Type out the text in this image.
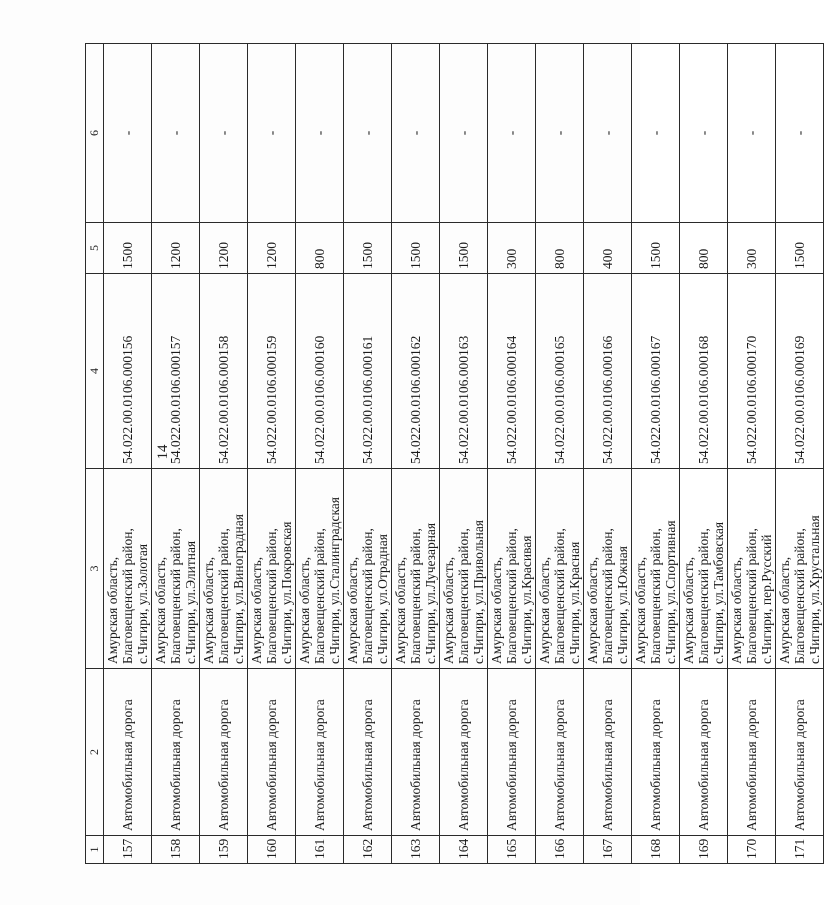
14
1	2	3	4	5	6
157	Автомобильная дорога	Амурская область, Благовещенский район, с.Чигири, ул.Золотая	54.022.00.0106.000156	1500	-
158	Автомобильная дорога	Амурская область, Благовещенский район, с.Чигири, ул.Элитная	54.022.00.0106.000157	1200	-
159	Автомобильная дорога	Амурская область, Благовещенский район, с.Чигири, ул.Виноградная	54.022.00.0106.000158	1200	-
160	Автомобильная дорога	Амурская область, Благовещенский район, с.Чигири, ул.Покровская	54.022.00.0106.000159	1200	-
161	Автомобильная дорога	Амурская область, Благовещенский район, с.Чигири, ул.Сталинградская	54.022.00.0106.000160	800	-
162	Автомобильная дорога	Амурская область, Благовещенский район, с.Чигири, ул.Отрадная	54.022.00.0106.000161	1500	-
163	Автомобильная дорога	Амурская область, Благовещенский район, с.Чигири, ул.Лучезарная	54.022.00.0106.000162	1500	-
164	Автомобильная дорога	Амурская область, Благовещенский район, с.Чигири, ул.Привольная	54.022.00.0106.000163	1500	-
165	Автомобильная дорога	Амурская область, Благовещенский район, с.Чигири, ул.Красивая	54.022.00.0106.000164	300	-
166	Автомобильная дорога	Амурская область, Благовещенский район, с.Чигири, ул.Красная	54.022.00.0106.000165	800	-
167	Автомобильная дорога	Амурская область, Благовещенский район, с.Чигири, ул.Южная	54.022.00.0106.000166	400	-
168	Автомобильная дорога	Амурская область, Благовещенский район, с.Чигири, ул.Спортивная	54.022.00.0106.000167	1500	-
169	Автомобильная дорога	Амурская область, Благовещенский район, с.Чигири, ул.Тамбовская	54.022.00.0106.000168	800	-
170	Автомобильная дорога	Амурская область, Благовещенский район, с.Чигири, пер.Русский	54.022.00.0106.000170	300	-
171	Автомобильная дорога	Амурская область, Благовещенский район, с.Чигири, ул.Хрустальная	54.022.00.0106.000169	1500	-
